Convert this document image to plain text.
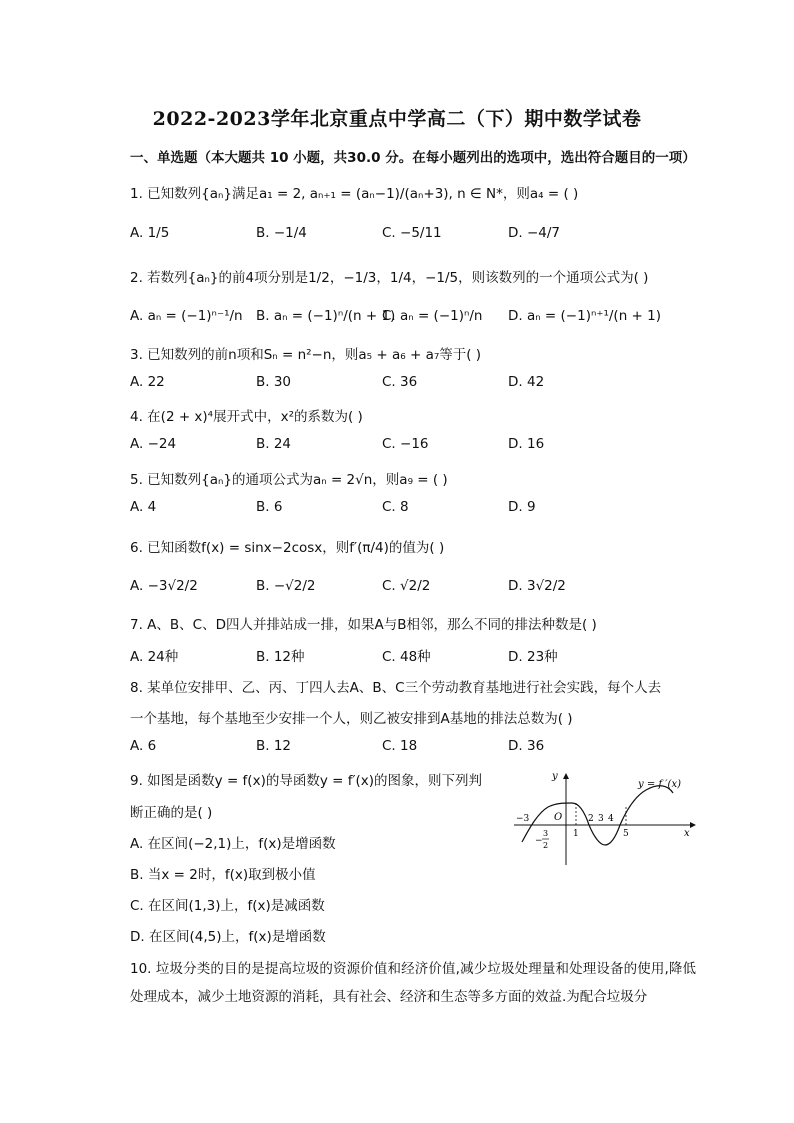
2022-2023学年北京重点中学高二（下）期中数学试卷
一、单选题（本大题共 10 小题，共30.0 分。在每小题列出的选项中，选出符合题目的一项）
1. 已知数列{aₙ}满足a₁ = 2, aₙ₊₁ = (aₙ−1)/(aₙ+3), n ∈ N*，则a₄ = ( )
A. 1/5	B. −1/4	C. −5/11	D. −4/7
2. 若数列{aₙ}的前4项分别是1/2，−1/3，1/4，−1/5，则该数列的一个通项公式为( )
A. aₙ = (−1)ⁿ⁻¹/n B. aₙ = (−1)ⁿ/(n + 1)
C. aₙ = (−1)ⁿ/n D. aₙ = (−1)ⁿ⁺¹/(n + 1)
3. 已知数列的前n项和Sₙ = n²−n，则a₅ + a₆ + a₇等于( )
A. 22	B. 30	C. 36	D. 42
4. 在(2 + x)⁴展开式中，x²的系数为( )
A. −24	B. 24	C. −16	D. 16
5. 已知数列{aₙ}的通项公式为aₙ = 2√n，则a₉ = ( )
A. 4	B. 6	C. 8	D. 9
6. 已知函数f(x) = sinx−2cosx，则f′(π/4)的值为( )
A. −3√2/2	B. −√2/2	C. √2/2	D. 3√2/2
7. A、B、C、D四人并排站成一排，如果A与B相邻，那么不同的排法种数是( )
A. 24种	B. 12种	C. 48种	D. 23种
8. 某单位安排甲、乙、丙、丁四人去A、B、C三个劳动教育基地进行社会实践，每个人去
一个基地，每个基地至少安排一个人，则乙被安排到A基地的排法总数为( )
A. 6	B. 12	C. 18	D. 36
9. 如图是函数y = f(x)的导函数y = f′(x)的图象，则下列判
断正确的是( )
A. 在区间(−2,1)上，f(x)是增函数
B. 当x = 2时，f(x)取到极小值
C. 在区间(1,3)上，f(x)是减函数
D. 在区间(4,5)上，f(x)是增函数
y
x
O
y = f ′(x)
−3
1
2 3 4
5
−
3
2
10. 垃圾分类的目的是提高垃圾的资源价值和经济价值,减少垃圾处理量和处理设备的使用,降低处理成本，减少土地资源的消耗，具有社会、经济和生态等多方面的效益.为配合垃圾分
